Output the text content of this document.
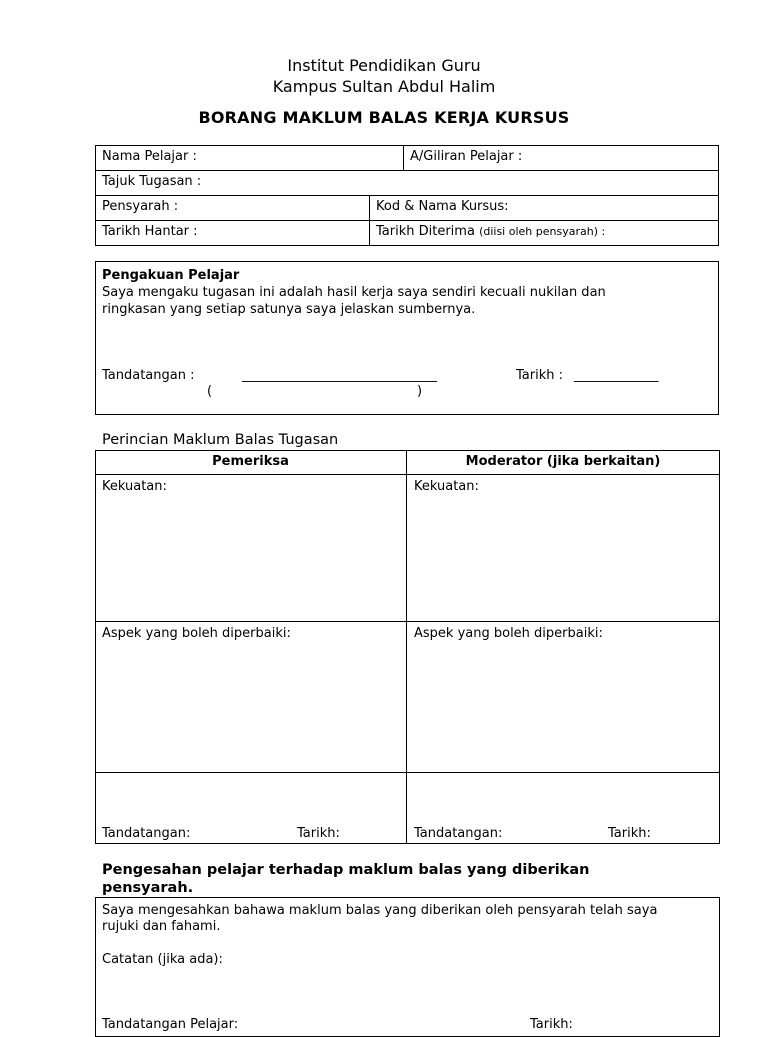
Institut Pendidikan Guru
Kampus Sultan Abdul Halim
BORANG MAKLUM BALAS KERJA KURSUS
Nama Pelajar :	A/Giliran Pelajar :
Tajuk Tugasan :
Pensyarah :	Kod & Nama Kursus:
Tarikh Hantar :	Tarikh Diterima (diisi oleh pensyarah) :
Pengakuan Pelajar
Saya mengaku tugasan ini adalah hasil kerja saya sendiri kecuali nukilan dan
ringkasan yang setiap satunya saya jelaskan sumbernya.
Tandatangan :	______________________________	Tarikh : _____________
(	)
Perincian Maklum Balas Tugasan
Pemeriksa	Moderator (jika berkaitan)
Kekuatan:	Kekuatan:
Aspek yang boleh diperbaiki:	Aspek yang boleh diperbaiki:
Tandatangan:	Tarikh:	Tandatangan:	Tarikh:
Pengesahan pelajar terhadap maklum balas yang diberikan
pensyarah.
Saya mengesahkan bahawa maklum balas yang diberikan oleh pensyarah telah saya
rujuki dan fahami.
Catatan (jika ada):
Tandatangan Pelajar:	Tarikh:
